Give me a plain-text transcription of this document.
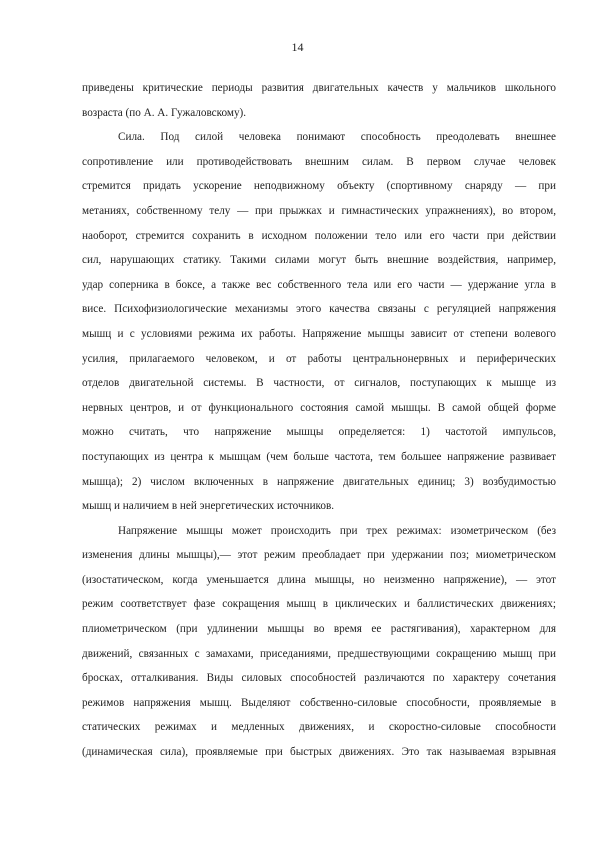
14

приведены критические периоды развития двигательных качеств у мальчиков школьного

возраста (по А. А. Гужаловскому).

Сила. Под силой человека понимают способность преодолевать внешнее

сопротивление или противодействовать внешним силам. В первом случае человек

стремится придать ускорение неподвижному объекту (спортивному снаряду — при

метаниях, собственному телу — при прыжках и гимнастических упражнениях), во втором,

наоборот, стремится сохранить в исходном положении тело или его части при действии

сил, нарушающих статику. Такими силами могут быть внешние воздействия, например,

удар соперника в боксе, а также вес собственного тела или его части — удержание угла в

висе. Психофизиологические механизмы этого качества связаны с регуляцией напряжения

мышц и с условиями режима их работы. Напряжение мышцы зависит от степени волевого

усилия, прилагаемого человеком, и от работы центральнонервных и периферических

отделов двигательной системы. В частности, от сигналов, поступающих к мышце из

нервных центров, и от функционального состояния самой мышцы. В самой общей форме

можно считать, что напряжение мышцы определяется: 1) частотой импульсов,

поступающих из центра к мышцам (чем больше частота, тем большее напряжение развивает

мышца); 2) числом включенных в напряжение двигательных единиц; 3) возбудимостью

мышц и наличием в ней энергетических источников.

Напряжение мышцы может происходить при трех режимах: изометрическом (без

изменения длины мышцы),— этот режим преобладает при удержании поз; миометрическом

(изостатическом, когда уменьшается длина мышцы, но неизменно напряжение), — этот

режим соответствует фазе сокращения мышц в циклических и баллистических движениях;

плиометрическом (при удлинении мышцы во время ее растягивания), характерном для

движений, связанных с замахами, приседаниями, предшествующими сокращению мышц при

бросках, отталкивания. Виды силовых способностей различаются по характеру сочетания

режимов напряжения мышц. Выделяют собственно-силовые способности, проявляемые в

статических режимах и медленных движениях, и скоростно-силовые способности

(динамическая сила), проявляемые при быстрых движениях. Это так называемая взрывная
